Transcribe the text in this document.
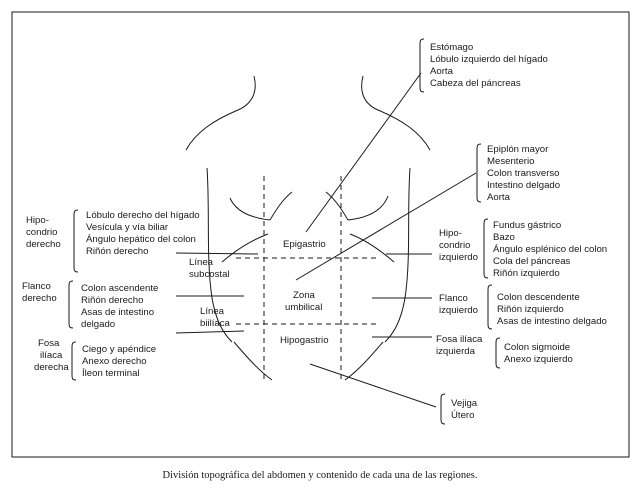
Epigastrio
Zona
umbilical
Hipogastrio
Línea
subcostal
Línea
biilíaca
Hipo-
condrio
derecho
Flanco
derecho
Fosa
ilíaca
derecha
Hipo-
condrio
izquierdo
Flanco
izquierdo
Fosa ilíaca
izquierda
Lóbulo derecho del hígado
Vesícula y vía biliar
Ángulo hepático del colon
Riñón derecho
Colon ascendente
Riñón derecho
Asas de intestino
delgado
Ciego y apéndice
Anexo derecho
Íleon terminal
Estómago
Lóbulo izquierdo del hígado
Aorta
Cabeza del páncreas
Epiplón mayor
Mesenterio
Colon transverso
Intestino delgado
Aorta
Fundus gástrico
Bazo
Ángulo esplénico del colon
Cola del páncreas
Riñón izquierdo
Colon descendente
Riñón izquierdo
Asas de intestino delgado
Colon sigmoide
Anexo izquierdo
Vejiga
Útero
División topográfica del abdomen y contenido de cada una de las regiones.
